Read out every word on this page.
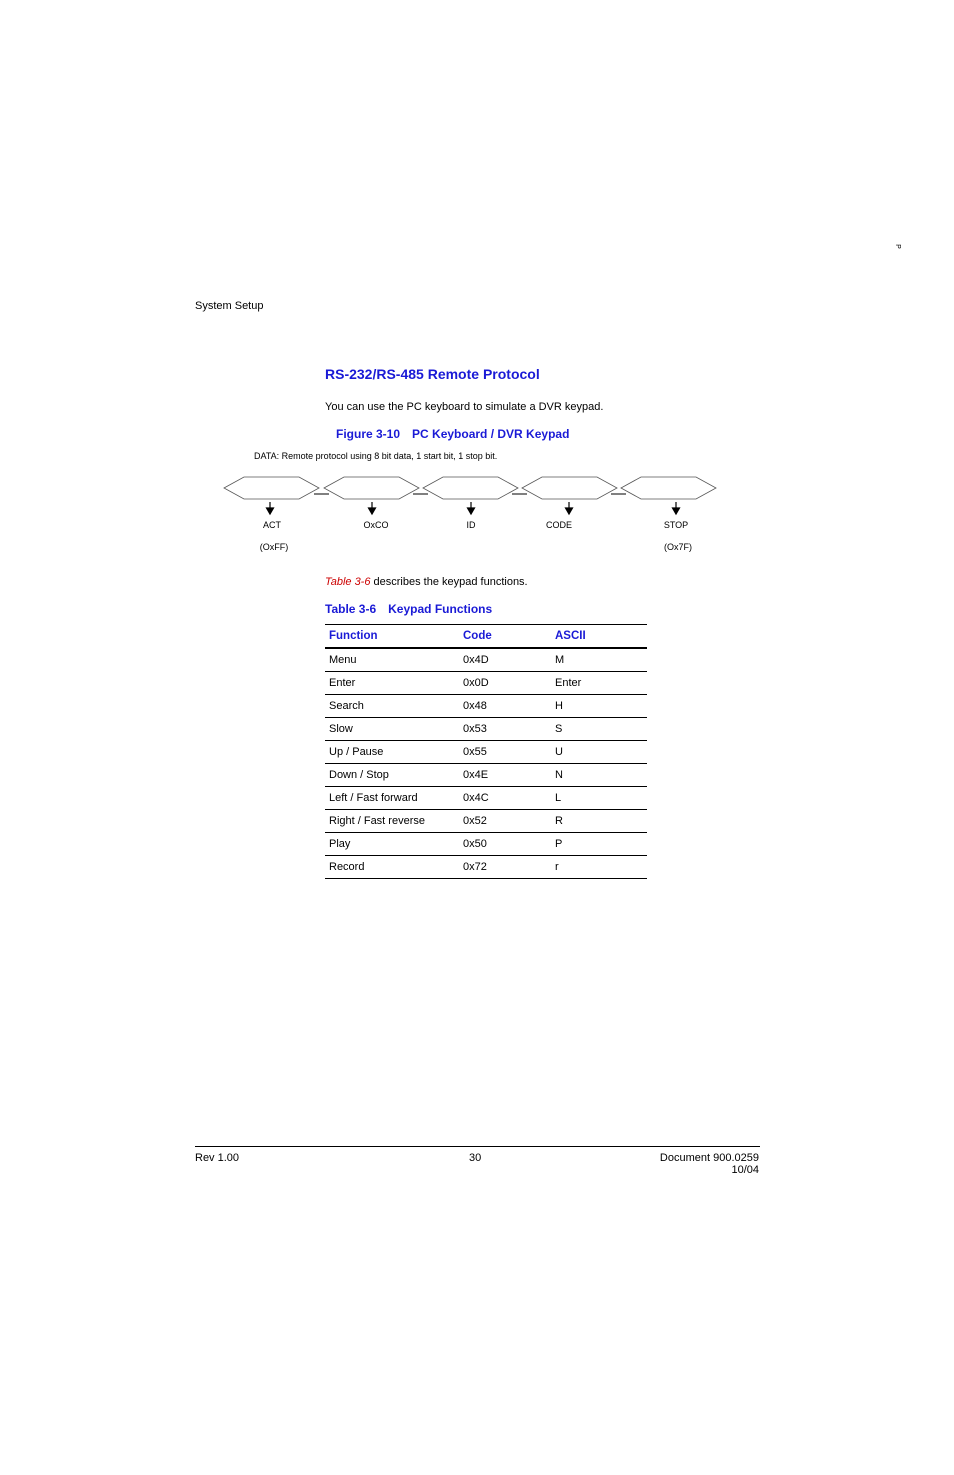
P
System Setup
RS-232/RS-485 Remote Protocol
You can use the PC keyboard to simulate a DVR keypad.
Figure 3-10 PC Keyboard / DVR Keypad
DATA: Remote protocol using 8 bit data, 1 start bit, 1 stop bit.
ACT	OxCO	ID	CODE	STOP
(OxFF)	(Ox7F)
Table 3-6 describes the keypad functions.
Table 3-6 Keypad Functions
Function	Code	ASCII
Menu	0x4D	M
Enter	0x0D	Enter
Search	0x48	H
Slow	0x53	S
Up / Pause	0x55	U
Down / Stop	0x4E	N
Left / Fast forward	0x4C	L
Right / Fast reverse	0x52	R
Play	0x50	P
Record	0x72	r
Rev 1.00	30	Document 900.0259
10/04
